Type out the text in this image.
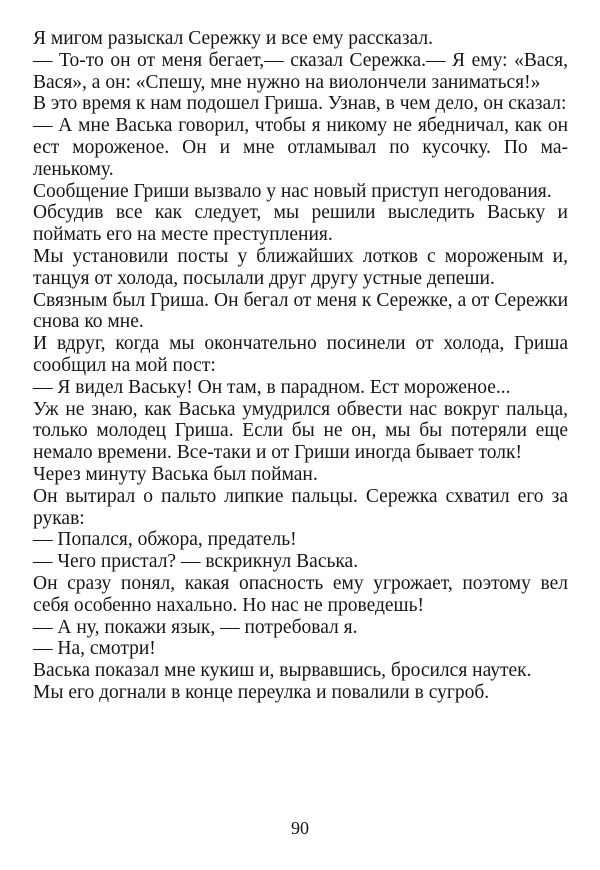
Я мигом разыскал Сережку и все ему рассказал.

— То-то он от меня бегает,— сказал Сережка.— Я ему: «Вася, Вася», а он: «Спешу, мне нужно на виолончели заниматься!»

В это время к нам подошел Гриша. Узнав, в чем дело, он сказал:

— А мне Васька говорил, чтобы я никому не ябедничал, как он ест мороженое. Он и мне отламывал по кусочку. По ма-ленькому.

Сообщение Гриши вызвало у нас новый приступ негодования.

Обсудив все как следует, мы решили выследить Ваську и поймать его на месте преступления.

Мы установили посты у ближайших лотков с мороженым и, танцуя от холода, посылали друг другу устные депеши.

Связным был Гриша. Он бегал от меня к Сережке, а от Сережки снова ко мне.

И вдруг, когда мы окончательно посинели от холода, Гриша сообщил на мой пост:

— Я видел Ваську! Он там, в парадном. Ест мороженое...

Уж не знаю, как Васька умудрился обвести нас вокруг пальца, только молодец Гриша. Если бы не он, мы бы потеряли еще немало времени. Все-таки и от Гриши иногда бывает толк!

Через минуту Васька был пойман.

Он вытирал о пальто липкие пальцы. Сережка схватил его за рукав:

— Попался, обжора, предатель!

— Чего пристал? — вскрикнул Васька.

Он сразу понял, какая опасность ему угрожает, поэтому вел себя особенно нахально. Но нас не проведешь!

— А ну, покажи язык, — потребовал я.

— На, смотри!

Васька показал мне кукиш и, вырвавшись, бросился наутек.

Мы его догнали в конце переулка и повалили в сугроб.

90
